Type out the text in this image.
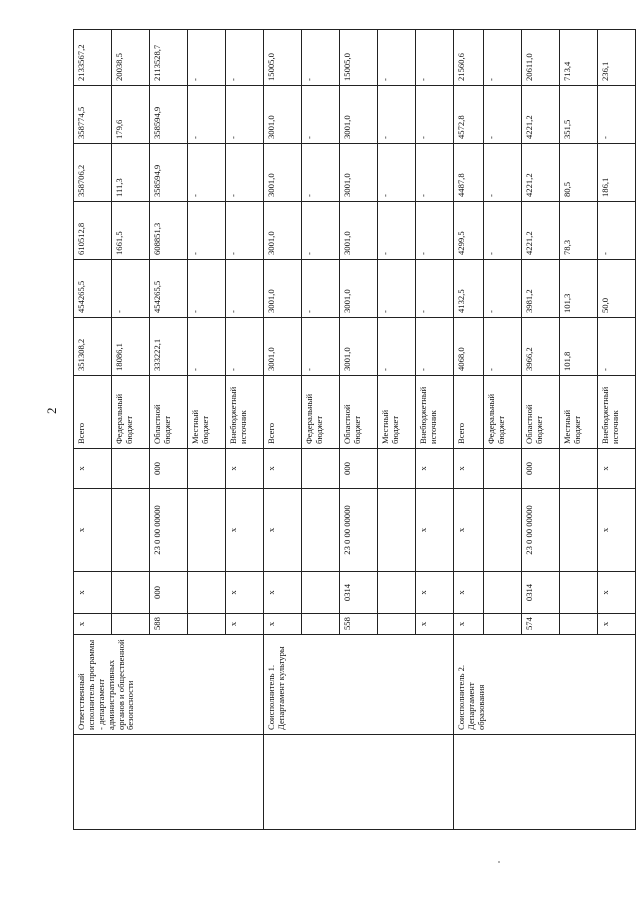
2
	Ответственный исполнитель программы - департамент административных органов и общественной безопасности	x	x	x	x	Всего	351308,2	454265,5	610512,8	358706,2	358774,5	2133567,2
						Федеральный бюджет	18086,1	-	1661,5	111,3	179,6	20038,5
		588	000	23 0 00 00000	000	Областной бюджет	333222,1	454265,5	608851,3	358594,9	358594,9	2113528,7
						Местный бюджет	-	-	-	-	-	-
		x	x	x	x	Внебюджетный источник	-	-	-	-	-	-
	Соисполнитель 1. Департамент культуры	x	x	x	x	Всего	3001,0	3001,0	3001,0	3001,0	3001,0	15005,0
						Федеральный бюджет	-	-	-	-	-	-
		558	0314	23 0 00 00000	000	Областной бюджет	3001,0	3001,0	3001,0	3001,0	3001,0	15005,0
						Местный бюджет	-	-	-	-	-	-
		x	x	x	x	Внебюджетный источник	-	-	-	-	-	-
	Соисполнитель 2. Департамент образования	x	x	x	x	Всего	4068,0	4132,5	4299,5	4487,8	4572,8	21560,6
						Федеральный бюджет	-	-	-	-	-	-
		574	0314	23 0 00 00000	000	Областной бюджет	3966,2	3981,2	4221,2	4221,2	4221,2	20611,0
						Местный бюджет	101,8	101,3	78,3	80,5	351,5	713,4
		x	x	x	x	Внебюджетный источник	-	50,0	-	186,1	-	236,1
